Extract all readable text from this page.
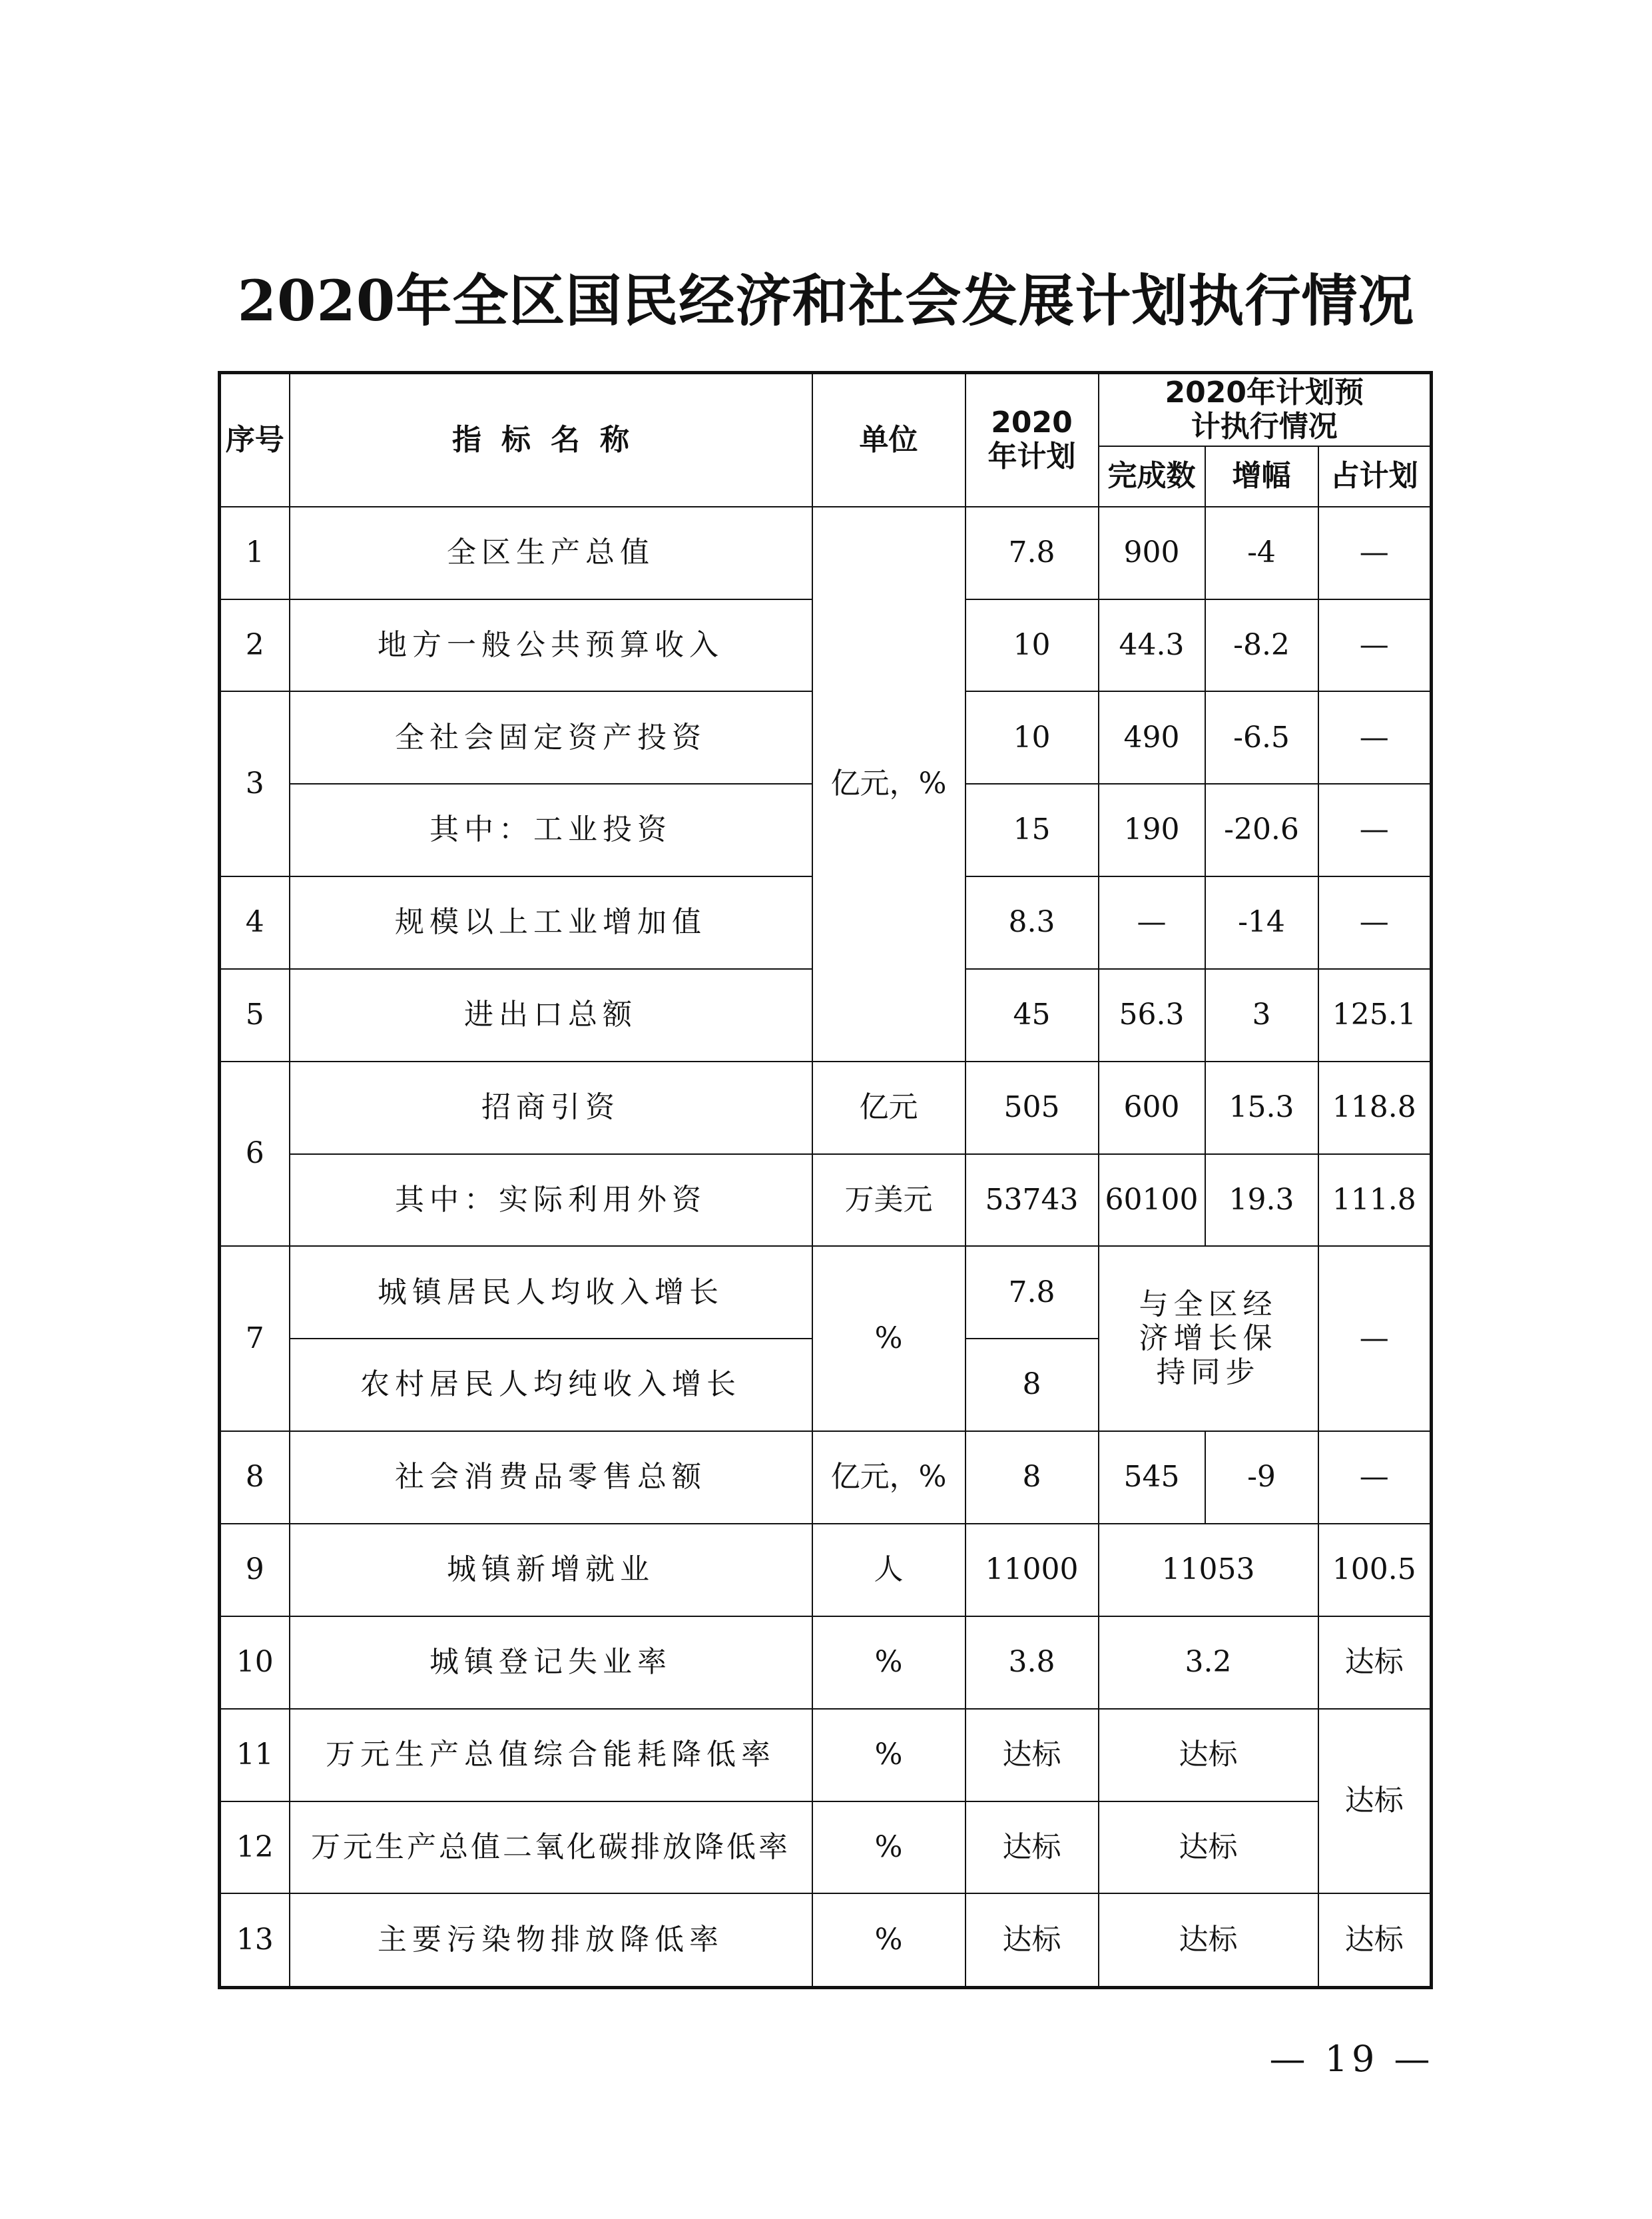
2020年全区国民经济和社会发展计划执行情况
序号	指标名称	单位	2020年计划	2020年计划预计执行情况		
				完成数	增幅	占计划
1	全区生产总值	亿元，%	7.8	900	-4	—
2	地方一般公共预算收入		10	44.3	-8.2	—
3	全社会固定资产投资		10	490	-6.5	—
	其中：工业投资		15	190	-20.6	—
4	规模以上工业增加值		8.3	—	-14	—
5	进出口总额		45	56.3	3	125.1
6	招商引资	亿元	505	600	15.3	118.8
	其中：实际利用外资	万美元	53743	60100	19.3	111.8
7	城镇居民人均收入增长	%	7.8	与全区经济增长保持同步		—
	农村居民人均纯收入增长		8			
8	社会消费品零售总额	亿元，%	8	545	-9	—
9	城镇新增就业	人	11000	11053		100.5
10	城镇登记失业率	%	3.8	3.2		达标
11	万元生产总值综合能耗降低率	%	达标	达标		达标
12	万元生产总值二氧化碳排放降低率	%	达标	达标		
13	主要污染物排放降低率	%	达标	达标		达标
— 19 —
